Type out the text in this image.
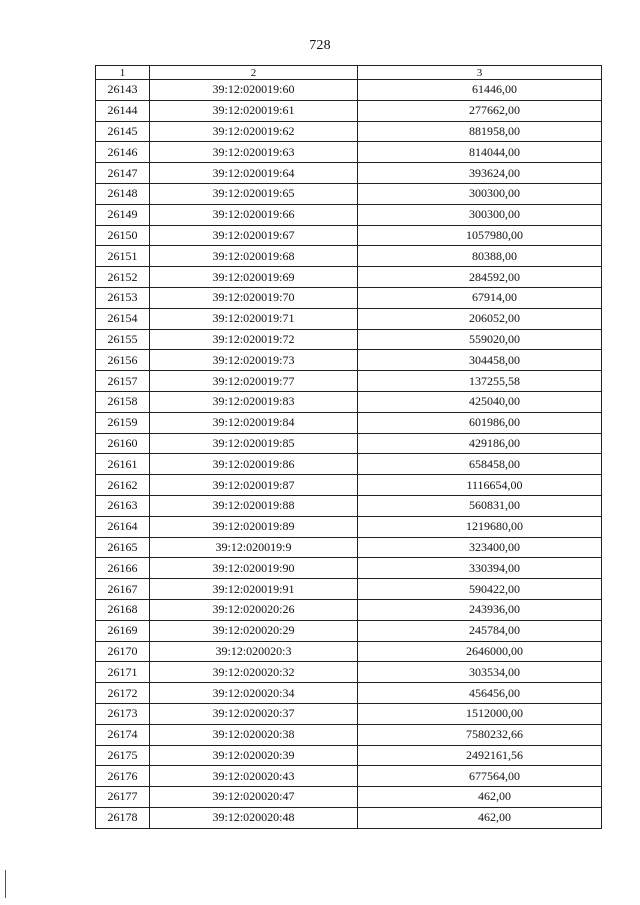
728
1	2	3
26143	39:12:020019:60	61446,00
26144	39:12:020019:61	277662,00
26145	39:12:020019:62	881958,00
26146	39:12:020019:63	814044,00
26147	39:12:020019:64	393624,00
26148	39:12:020019:65	300300,00
26149	39:12:020019:66	300300,00
26150	39:12:020019:67	1057980,00
26151	39:12:020019:68	80388,00
26152	39:12:020019:69	284592,00
26153	39:12:020019:70	67914,00
26154	39:12:020019:71	206052,00
26155	39:12:020019:72	559020,00
26156	39:12:020019:73	304458,00
26157	39:12:020019:77	137255,58
26158	39:12:020019:83	425040,00
26159	39:12:020019:84	601986,00
26160	39:12:020019:85	429186,00
26161	39:12:020019:86	658458,00
26162	39:12:020019:87	1116654,00
26163	39:12:020019:88	560831,00
26164	39:12:020019:89	1219680,00
26165	39:12:020019:9	323400,00
26166	39:12:020019:90	330394,00
26167	39:12:020019:91	590422,00
26168	39:12:020020:26	243936,00
26169	39:12:020020:29	245784,00
26170	39:12:020020:3	2646000,00
26171	39:12:020020:32	303534,00
26172	39:12:020020:34	456456,00
26173	39:12:020020:37	1512000,00
26174	39:12:020020:38	7580232,66
26175	39:12:020020:39	2492161,56
26176	39:12:020020:43	677564,00
26177	39:12:020020:47	462,00
26178	39:12:020020:48	462,00
